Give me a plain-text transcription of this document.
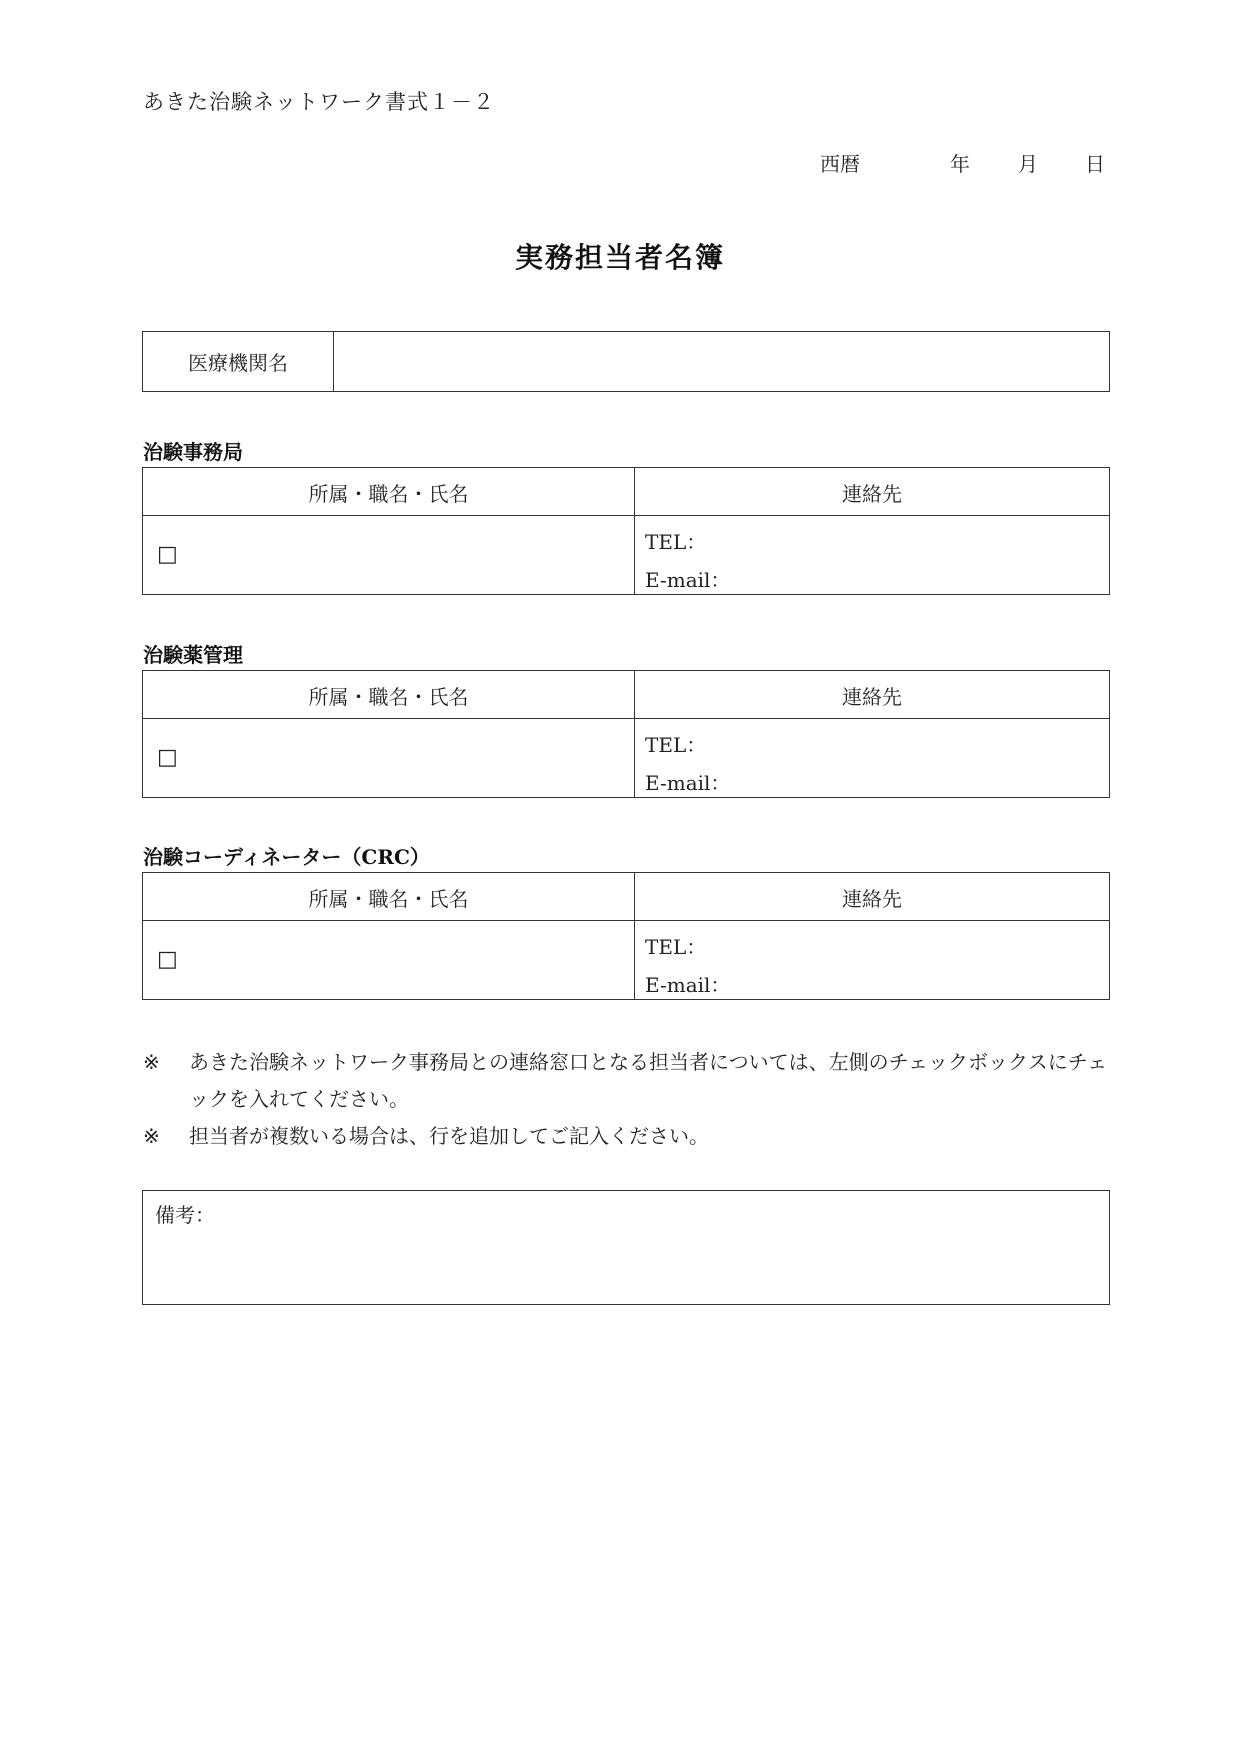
あきた治験ネットワーク書式１－２
西暦	年 月 日
実務担当者名簿
医療機関名
治験事務局
所属・職名・氏名	連絡先
□	TEL：
E-mail：
治験薬管理
所属・職名・氏名	連絡先
□	TEL：
E-mail：
治験コーディネーター（CRC）
所属・職名・氏名	連絡先
□	TEL：
E-mail：
※ あきた治験ネットワーク事務局との連絡窓口となる担当者については、左側のチェックボックスにチェックを入れてください。
※ 担当者が複数いる場合は、行を追加してご記入ください。
備考：
